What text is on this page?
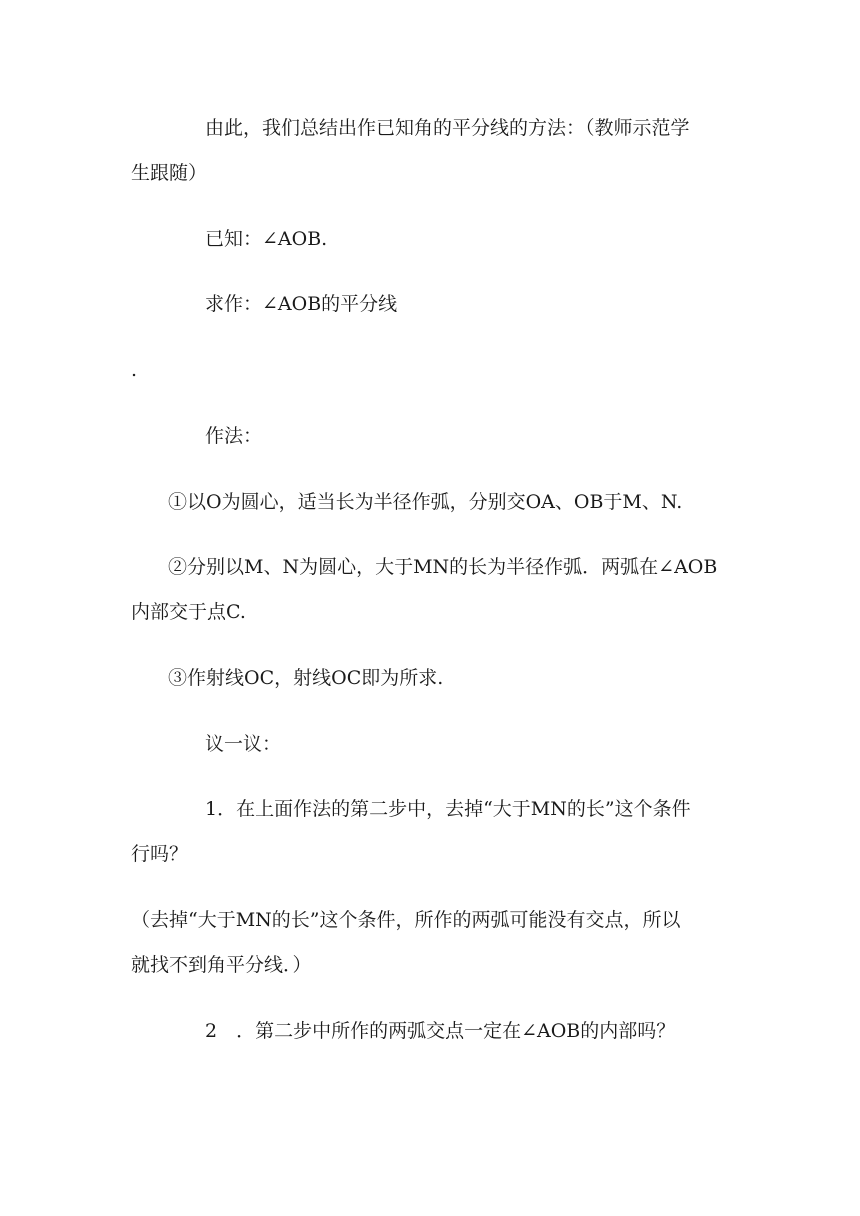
由此，我们总结出作已知角的平分线的方法：（教师示范学
生跟随）
已知：∠AOB.
求作：∠AOB的平分线
.
作法：
①以O为圆心，适当长为半径作弧，分别交OA、OB于M、N.
②分别以M、N为圆心，大于MN的长为半径作弧．两弧在∠AOB
内部交于点C.
③作射线OC，射线OC即为所求.
议一议：
1．在上面作法的第二步中，去掉“大于MN的长”这个条件
行吗？
（去掉“大于MN的长”这个条件，所作的两弧可能没有交点，所以
就找不到角平分线．）
2　．第二步中所作的两弧交点一定在∠AOB的内部吗？
